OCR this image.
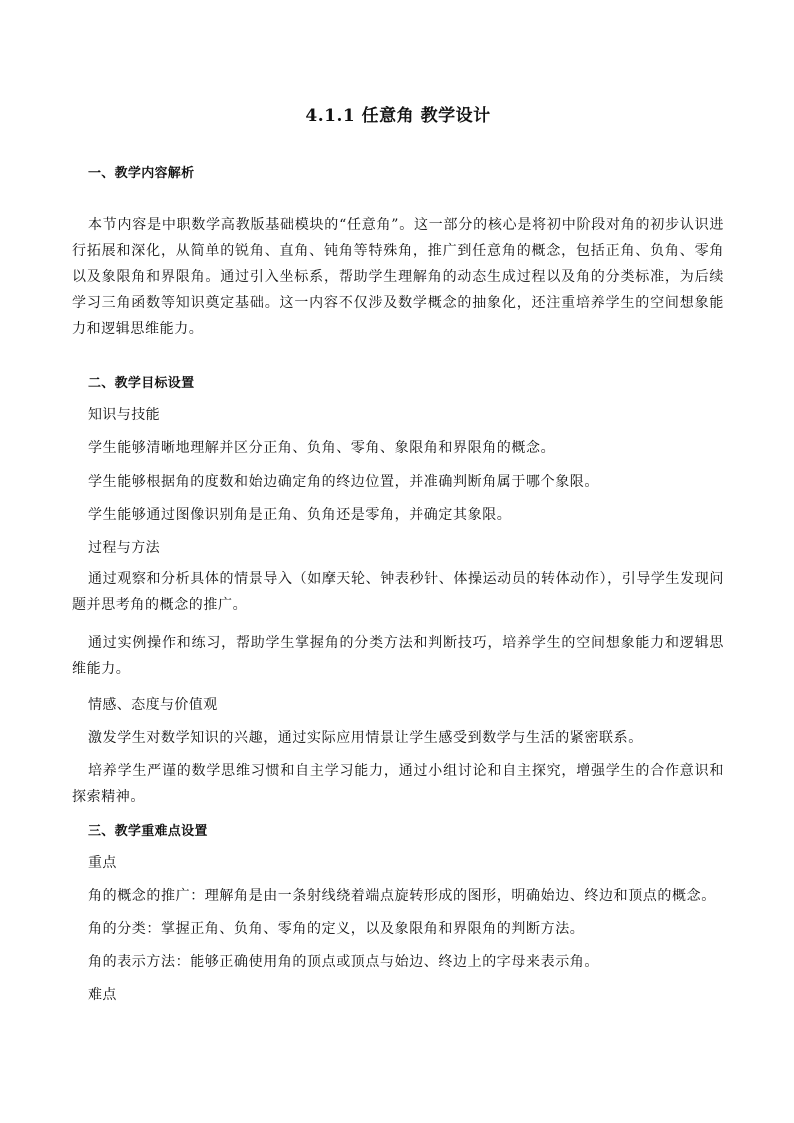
4.1.1 任意角 教学设计
一、教学内容解析
本节内容是中职数学高教版基础模块的“任意角”。这一部分的核心是将初中阶段对角的初步认识进行拓展和深化，从简单的锐角、直角、钝角等特殊角，推广到任意角的概念，包括正角、负角、零角以及象限角和界限角。通过引入坐标系，帮助学生理解角的动态生成过程以及角的分类标准，为后续学习三角函数等知识奠定基础。这一内容不仅涉及数学概念的抽象化，还注重培养学生的空间想象能力和逻辑思维能力。
二、教学目标设置
知识与技能
学生能够清晰地理解并区分正角、负角、零角、象限角和界限角的概念。
学生能够根据角的度数和始边确定角的终边位置，并准确判断角属于哪个象限。
学生能够通过图像识别角是正角、负角还是零角，并确定其象限。
过程与方法
通过观察和分析具体的情景导入（如摩天轮、钟表秒针、体操运动员的转体动作），引导学生发现问题并思考角的概念的推广。
通过实例操作和练习，帮助学生掌握角的分类方法和判断技巧，培养学生的空间想象能力和逻辑思维能力。
情感、态度与价值观
激发学生对数学知识的兴趣，通过实际应用情景让学生感受到数学与生活的紧密联系。
培养学生严谨的数学思维习惯和自主学习能力，通过小组讨论和自主探究，增强学生的合作意识和探索精神。
三、教学重难点设置
重点
角的概念的推广：理解角是由一条射线绕着端点旋转形成的图形，明确始边、终边和顶点的概念。
角的分类：掌握正角、负角、零角的定义，以及象限角和界限角的判断方法。
角的表示方法：能够正确使用角的顶点或顶点与始边、终边上的字母来表示角。
难点
